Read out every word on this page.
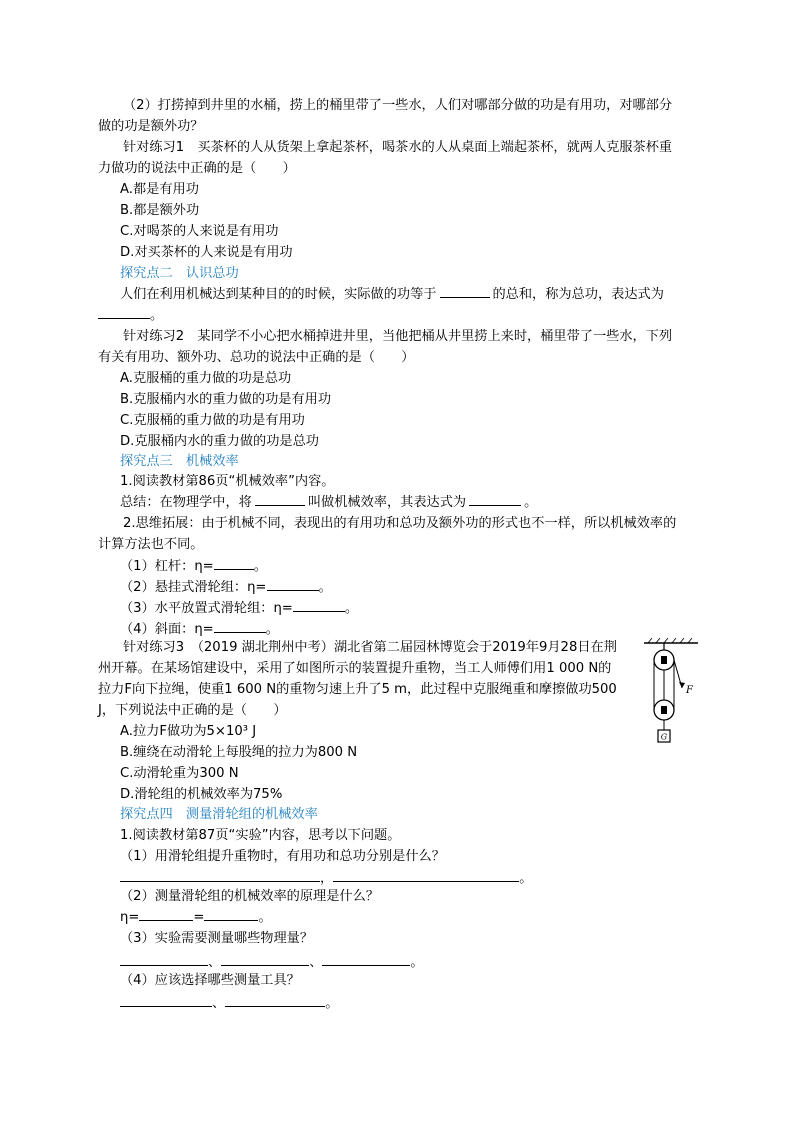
（2）打捞掉到井里的水桶，捞上的桶里带了一些水，人们对哪部分做的功是有用功，对哪部分
做的功是额外功？
针对练习1　买茶杯的人从货架上拿起茶杯，喝茶水的人从桌面上端起茶杯，就两人克服茶杯重
力做功的说法中正确的是（　　）
A.都是有用功
B.都是额外功
C.对喝茶的人来说是有用功
D.对买茶杯的人来说是有用功
探究点二　认识总功
人们在利用机械达到某种目的的时候，实际做的功等于	的总和，称为总功，表达式为
。
针对练习2　某同学不小心把水桶掉进井里，当他把桶从井里捞上来时，桶里带了一些水，下列
有关有用功、额外功、总功的说法中正确的是（　　）
A.克服桶的重力做的功是总功
B.克服桶内水的重力做的功是有用功
C.克服桶的重力做的功是有用功
D.克服桶内水的重力做的功是总功
探究点三　机械效率
1.阅读教材第86页“机械效率”内容。
总结：在物理学中，将	叫做机械效率，其表达式为	。
2.思维拓展：由于机械不同，表现出的有用功和总功及额外功的形式也不一样，所以机械效率的
计算方法也不同。
（1）杠杆：η=	。
（2）悬挂式滑轮组：η=	。
（3）水平放置式滑轮组：η=	。
（4）斜面：η=	。
针对练习3　（2019 湖北荆州中考）湖北省第二届园林博览会于2019年9月28日在荆
州开幕。在某场馆建设中，采用了如图所示的装置提升重物，当工人师傅们用1 000 N的
拉力F向下拉绳，使重1 600 N的重物匀速上升了5 m，此过程中克服绳重和摩擦做功500
J，下列说法中正确的是（　　）
A.拉力F做功为5×10³ J
B.缠绕在动滑轮上每股绳的拉力为800 N
C.动滑轮重为300 N
D.滑轮组的机械效率为75%
探究点四　测量滑轮组的机械效率
1.阅读教材第87页“实验”内容，思考以下问题。
（1）用滑轮组提升重物时，有用功和总功分别是什么？
，	。
（2）测量滑轮组的机械效率的原理是什么？
η=	=	。
（3）实验需要测量哪些物理量？
、	、	。
（4）应该选择哪些测量工具？
、	。
F
G
